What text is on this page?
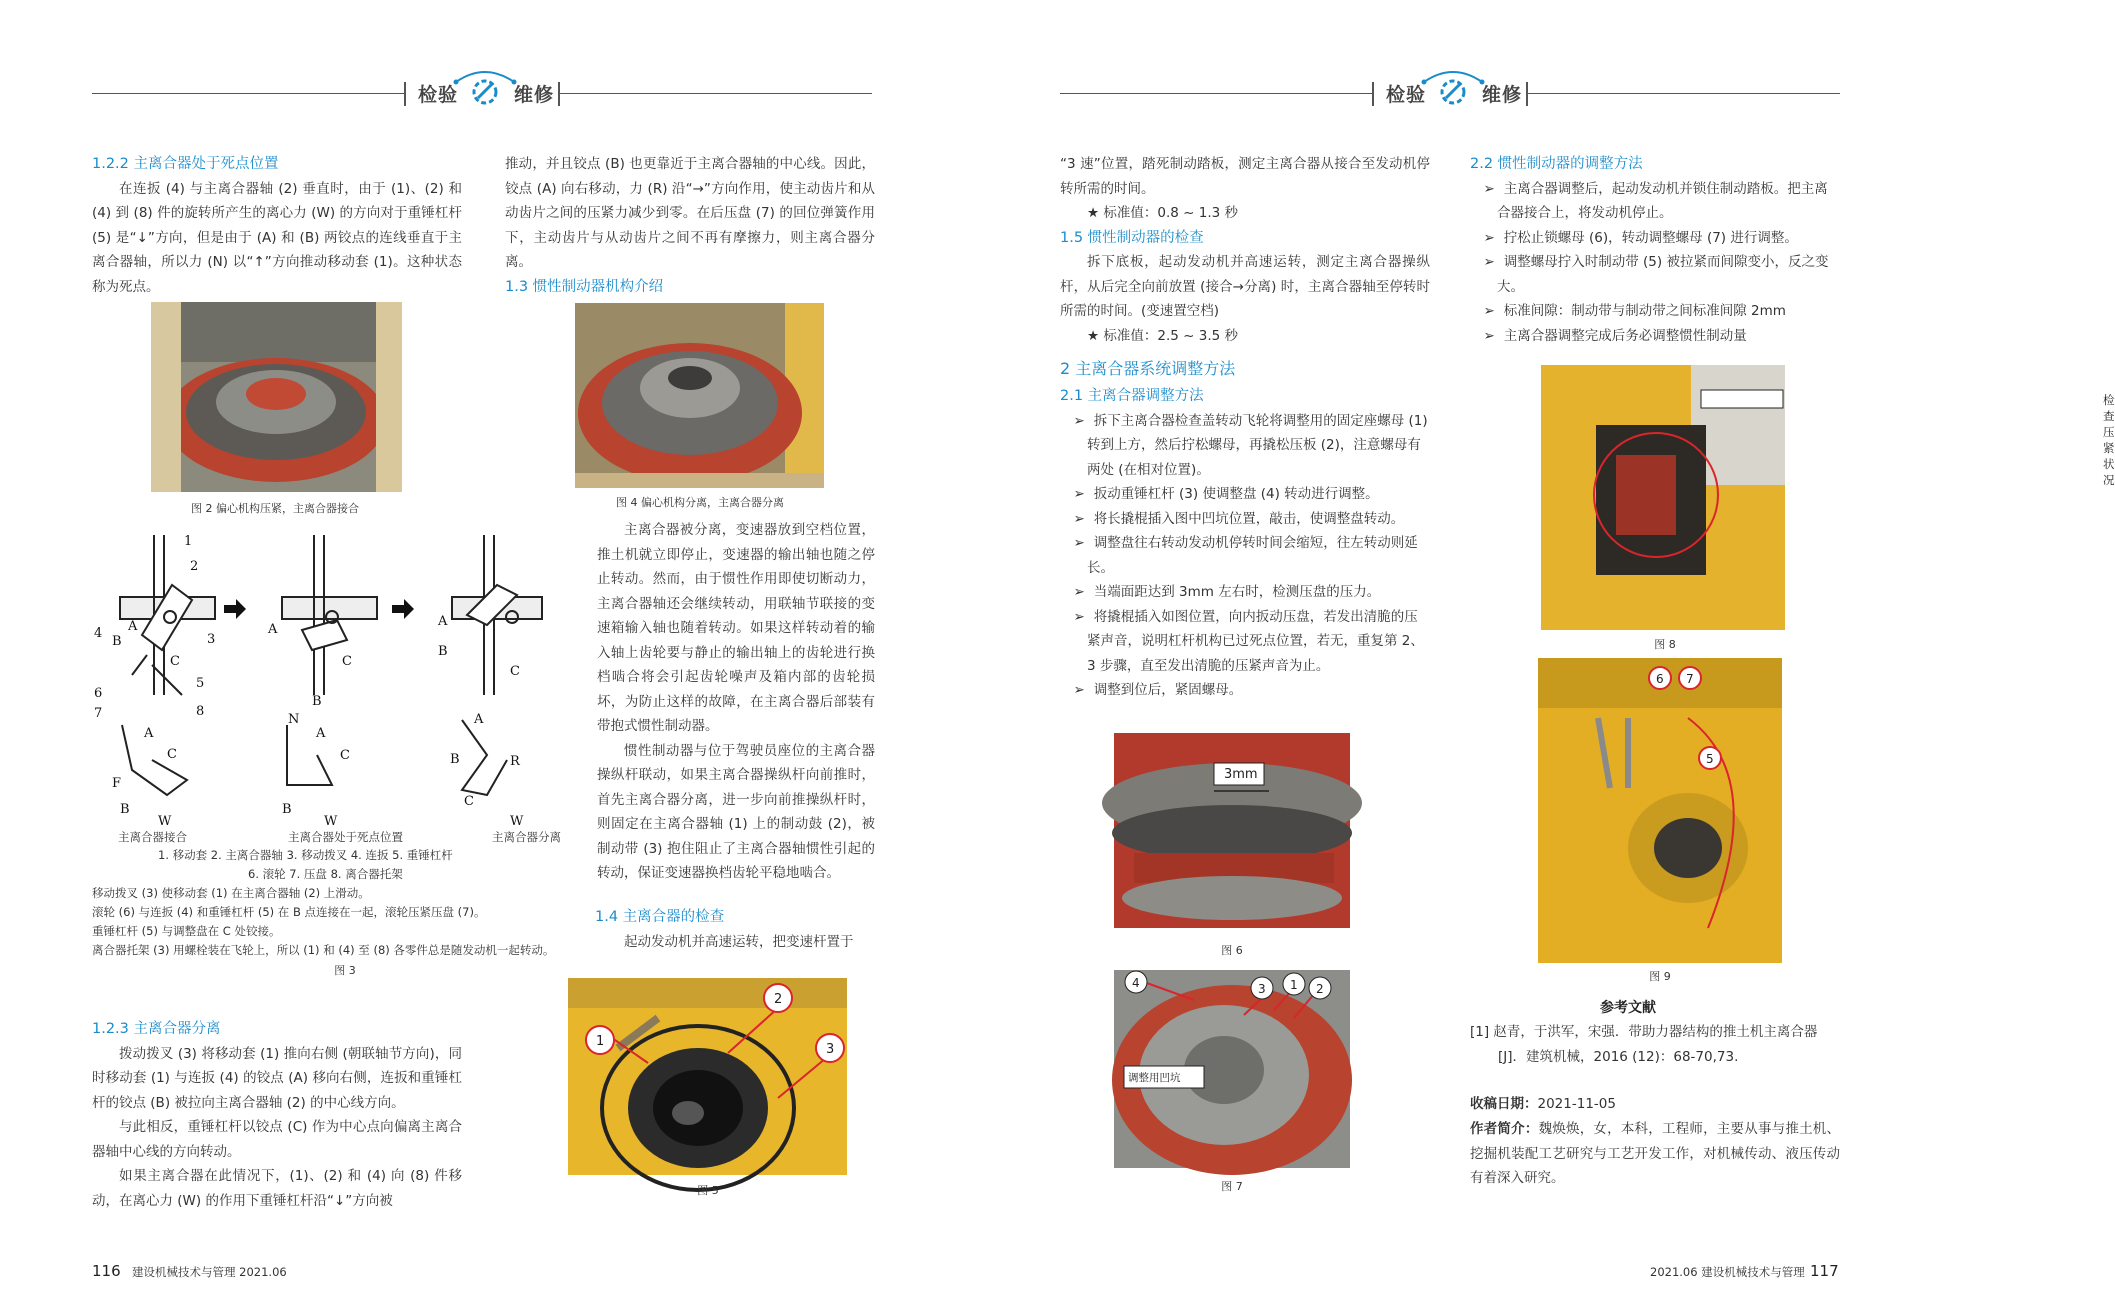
检验	维修
1.2.2 主离合器处于死点位置

在连扳 (4) 与主离合器轴 (2) 垂直时，由于 (1)、(2) 和 (4) 到 (8) 件的旋转所产生的离心力 (W) 的方向对于重锤杠杆 (5) 是“↓”方向，但是由于 (A) 和 (B) 两铰点的连线垂直于主离合器轴，所以力 (N) 以“↑”方向推动移动套 (1)。这种状态称为死点。

图 2 偏心机构压紧，主离合器接合
1
2
3
4
5
6
7	8
B
A
C
A
C
B
A
B
C
A
C
F
B
W
N
A
C
B
W
A
B	R
C
W
主离合器接合	主离合器处于死点位置	主离合器分离
1. 移动套 2. 主离合器轴 3. 移动拨叉 4. 连扳 5. 重锤杠杆
6. 滚轮 7. 压盘 8. 离合器托架
移动拨叉 (3) 使移动套 (1) 在主离合器轴 (2) 上滑动。
滚轮 (6) 与连扳 (4) 和重锤杠杆 (5) 在 B 点连接在一起，滚轮压紧压盘 (7)。
重锤杠杆 (5) 与调整盘在 C 处铰接。
离合器托架 (3) 用螺栓装在飞轮上，所以 (1) 和 (4) 至 (8) 各零件总是随发动机一起转动。
图 3
1.2.3 主离合器分离

拨动拨叉 (3) 将移动套 (1) 推向右侧 (朝联轴节方向)，同时移动套 (1) 与连扳 (4) 的铰点 (A) 移向右侧，连扳和重锤杠杆的铰点 (B) 被拉向主离合器轴 (2) 的中心线方向。

与此相反，重锤杠杆以铰点 (C) 作为中心点向偏离主离合器轴中心线的方向转动。

如果主离合器在此情况下，(1)、(2) 和 (4) 向 (8) 件移动，在离心力 (W) 的作用下重锤杠杆沿“↓”方向被

推动，并且铰点 (B) 也更靠近于主离合器轴的中心线。因此，铰点 (A) 向右移动，力 (R) 沿“→”方向作用，使主动齿片和从动齿片之间的压紧力减少到零。在后压盘 (7) 的回位弹簧作用下，主动齿片与从动齿片之间不再有摩擦力，则主离合器分离。

1.3 惯性制动器机构介绍
图 4 偏心机构分离，主离合器分离

主离合器被分离，变速器放到空档位置，推土机就立即停止，变速器的输出轴也随之停止转动。然而，由于惯性作用即使切断动力，主离合器轴还会继续转动，用联轴节联接的变速箱输入轴也随着转动。如果这样转动着的输入轴上齿轮要与静止的输出轴上的齿轮进行换档啮合将会引起齿轮噪声及箱内部的齿轮损坏，为防止这样的故障，在主离合器后部装有带抱式惯性制动器。

惯性制动器与位于驾驶员座位的主离合器操纵杆联动，如果主离合器操纵杆向前推时，首先主离合器分离，进一步向前推操纵杆时，则固定在主离合器轴 (1) 上的制动鼓 (2)，被制动带 (3) 抱住阻止了主离合器轴惯性引起的转动，保证变速器换档齿轮平稳地啮合。

1.4 主离合器的检查

起动发动机并高速运转，把变速杆置于

1
2
3
图 5
116 建设机械技术与管理 2021.06
检验	维修

“3 速”位置，踏死制动踏板，测定主离合器从接合至发动机停转所需的时间。

★ 标准值：0.8 ~ 1.3 秒

1.5 惯性制动器的检查

拆下底板，起动发动机并高速运转，测定主离合器操纵杆，从后完全向前放置 (接合→分离) 时，主离合器轴至停转时所需的时间。(变速置空档)

★ 标准值：2.5 ~ 3.5 秒

2 主离合器系统调整方法
2.1 主离合器调整方法
➢ 拆下主离合器检查盖转动飞轮将调整用的固定座螺母 (1) 转到上方，然后拧松螺母，再撬松压板 (2)，注意螺母有两处 (在相对位置)。
➢ 扳动重锤杠杆 (3) 使调整盘 (4) 转动进行调整。
➢ 将长撬棍插入图中凹坑位置，敲击，使调整盘转动。
➢ 调整盘往右转动发动机停转时间会缩短，往左转动则延长。
➢ 当端面距达到 3mm 左右时，检测压盘的压力。
➢ 将撬棍插入如图位置，向内扳动压盘，若发出清脆的压紧声音，说明杠杆机构已过死点位置，若无，重复第 2、3 步骤，直至发出清脆的压紧声音为止。
➢ 调整到位后，紧固螺母。
3mm
图 6
4	3 1 2
调整用凹坑
图 7
2.2 惯性制动器的调整方法
➢ 主离合器调整后，起动发动机并锁住制动踏板。把主离合器接合上，将发动机停止。
➢ 拧松止锁螺母 (6)，转动调整螺母 (7) 进行调整。
➢ 调整螺母拧入时制动带 (5) 被拉紧而间隙变小，反之变大。
➢ 标准间隙：制动带与制动带之间标准间隙 2mm
➢ 主离合器调整完成后务必调整惯性制动量
检查压紧状况
图 8
6 7
5
图 9
参考文献
[1] 赵青，于洪军，宋强．带助力器结构的推土机主离合器
[J]．建筑机械，2016 (12)：68-70,73.
收稿日期：2021-11-05
作者简介：魏焕焕，女，本科，工程师，主要从事与推土机、挖掘机装配工艺研究与工艺开发工作，对机械传动、液压传动有着深入研究。
2021.06 建设机械技术与管理 117
